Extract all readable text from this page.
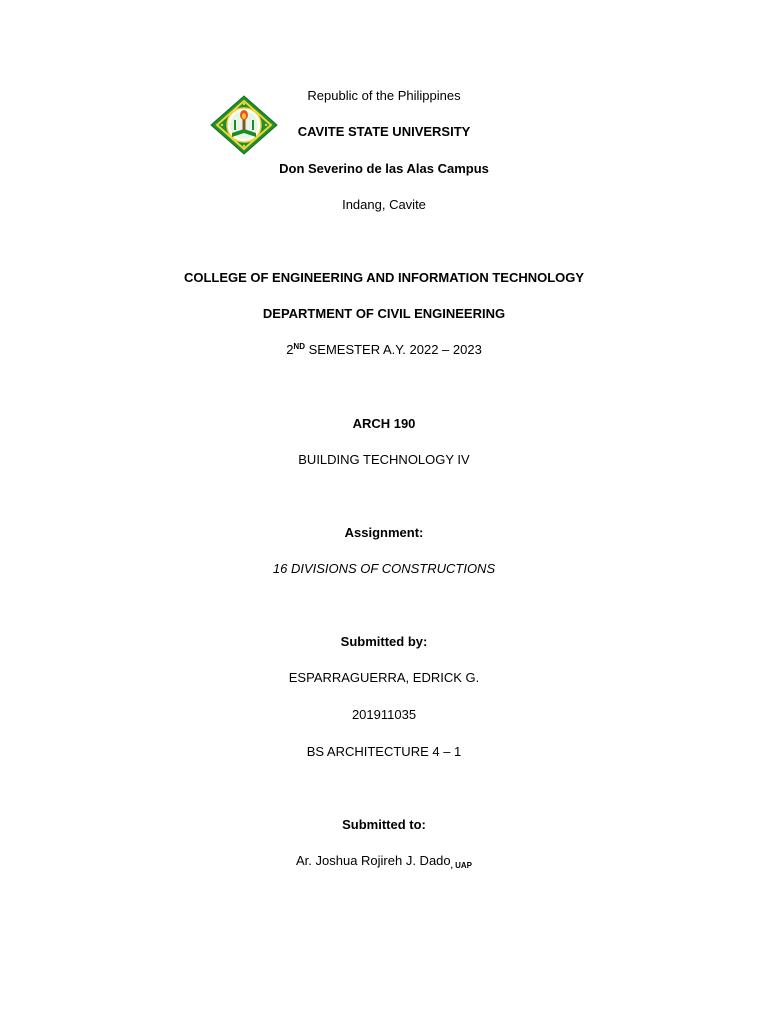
Republic of the Philippines
CAVITE STATE UNIVERSITY
Don Severino de las Alas Campus
Indang, Cavite
COLLEGE OF ENGINEERING AND INFORMATION TECHNOLOGY
DEPARTMENT OF CIVIL ENGINEERING
2ND SEMESTER A.Y. 2022 – 2023
ARCH 190
BUILDING TECHNOLOGY IV
Assignment:
16 DIVISIONS OF CONSTRUCTIONS
Submitted by:
ESPARRAGUERRA, EDRICK G.
201911035
BS ARCHITECTURE 4 – 1
Submitted to:
Ar. Joshua Rojireh J. Dado$_{, UAP}$
